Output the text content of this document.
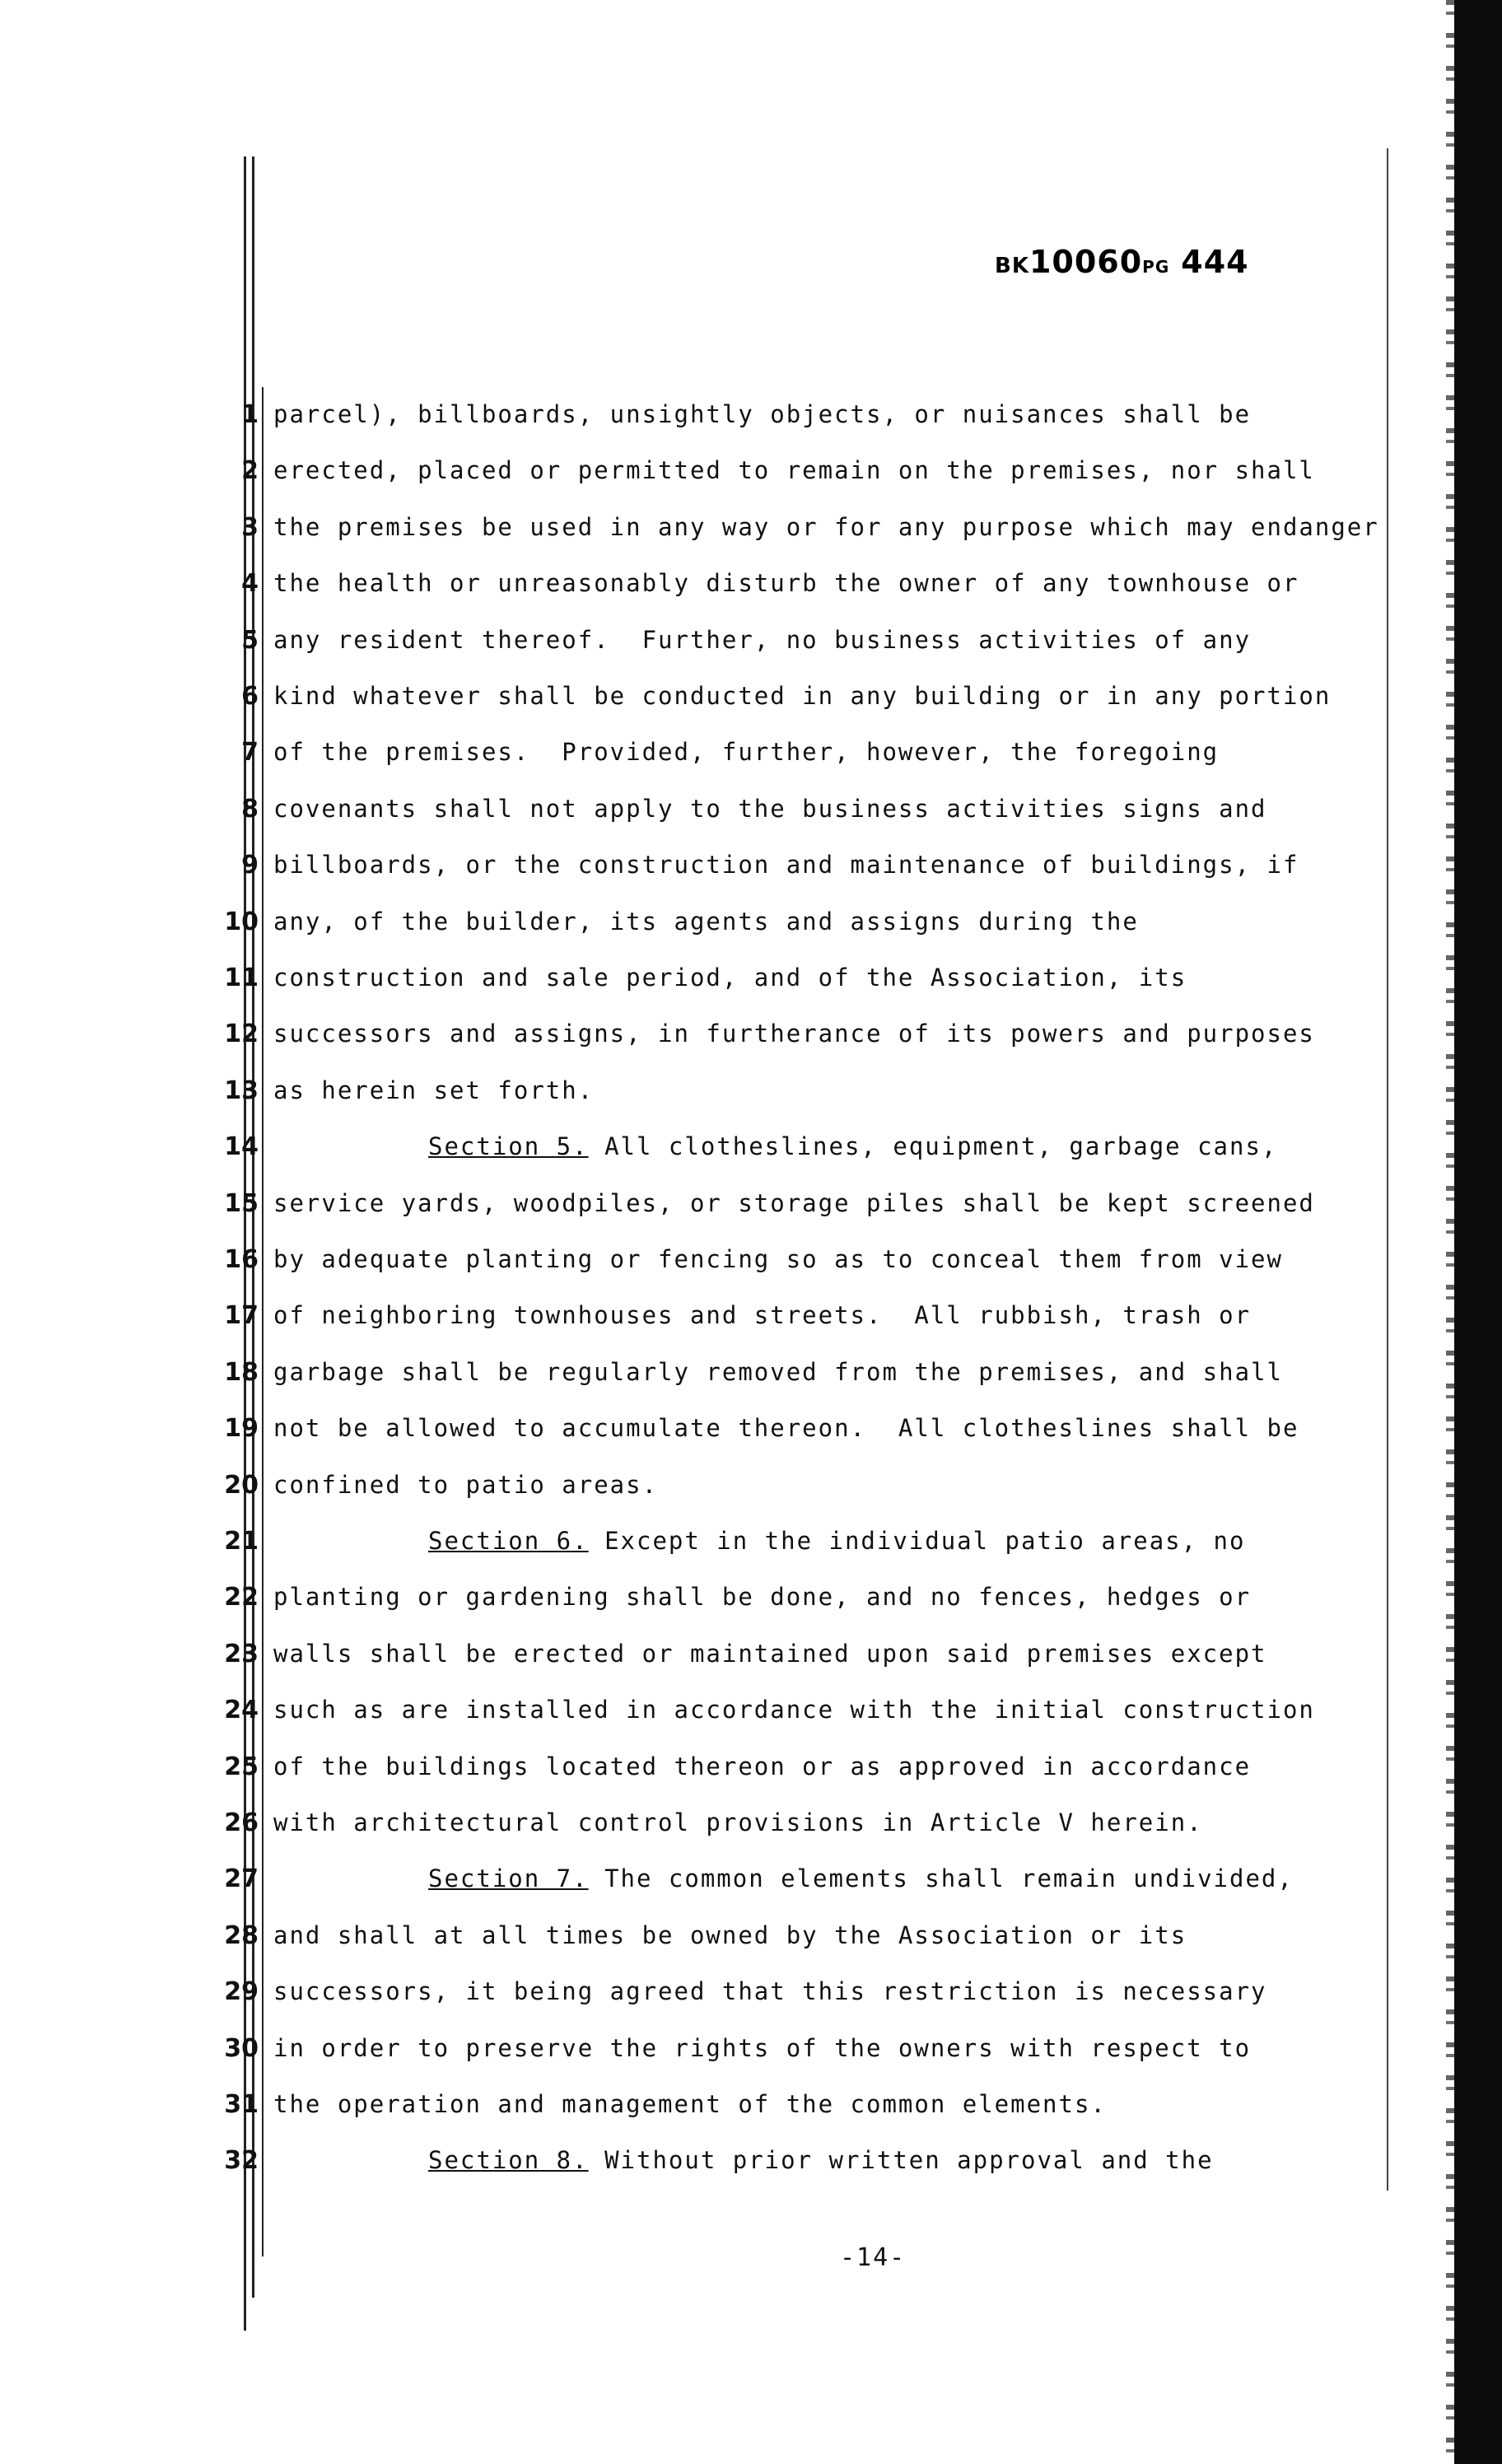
BK10060PG 444
1 parcel), billboards, unsightly objects, or nuisances shall be
2 erected, placed or permitted to remain on the premises, nor shall
3 the premises be used in any way or for any purpose which may endanger
4 the health or unreasonably disturb the owner of any townhouse or
5 any resident thereof.  Further, no business activities of any
6 kind whatever shall be conducted in any building or in any portion
7 of the premises.  Provided, further, however, the foregoing
8 covenants shall not apply to the business activities signs and
9 billboards, or the construction and maintenance of buildings, if
10 any, of the builder, its agents and assigns during the
11 construction and sale period, and of the Association, its
12 successors and assigns, in furtherance of its powers and purposes
13 as herein set forth.
14	Section 5. All clotheslines, equipment, garbage cans,
15 service yards, woodpiles, or storage piles shall be kept screened
16 by adequate planting or fencing so as to conceal them from view
17 of neighboring townhouses and streets.  All rubbish, trash or
18 garbage shall be regularly removed from the premises, and shall
19 not be allowed to accumulate thereon.  All clotheslines shall be
20 confined to patio areas.
21	Section 6. Except in the individual patio areas, no
22 planting or gardening shall be done, and no fences, hedges or
23 walls shall be erected or maintained upon said premises except
24 such as are installed in accordance with the initial construction
25 of the buildings located thereon or as approved in accordance
26 with architectural control provisions in Article V herein.
27	Section 7. The common elements shall remain undivided,
28 and shall at all times be owned by the Association or its
29 successors, it being agreed that this restriction is necessary
30 in order to preserve the rights of the owners with respect to
31 the operation and management of the common elements.
32	Section 8. Without prior written approval and the
-14-
